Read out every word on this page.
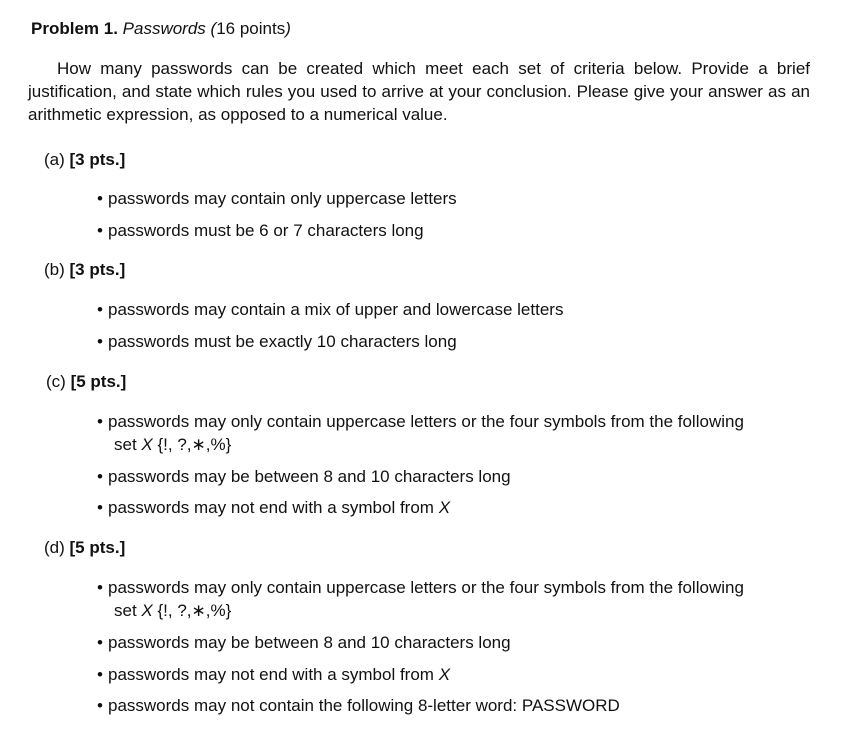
Problem 1. Passwords (16 points)

How many passwords can be created which meet each set of criteria below. Provide a brief justification, and state which rules you used to arrive at your conclusion. Please give your answer as an arithmetic expression, as opposed to a numerical value.

(a) [3 pts.]
• passwords may contain only uppercase letters
• passwords must be 6 or 7 characters long
(b) [3 pts.]
• passwords may contain a mix of upper and lowercase letters
• passwords must be exactly 10 characters long
(c) [5 pts.]
• passwords may only contain uppercase letters or the four symbols from the following
set X {!, ?,∗,%}
• passwords may be between 8 and 10 characters long
• passwords may not end with a symbol from X
(d) [5 pts.]
• passwords may only contain uppercase letters or the four symbols from the following
set X {!, ?,∗,%}
• passwords may be between 8 and 10 characters long
• passwords may not end with a symbol from X
• passwords may not contain the following 8-letter word: PASSWORD
